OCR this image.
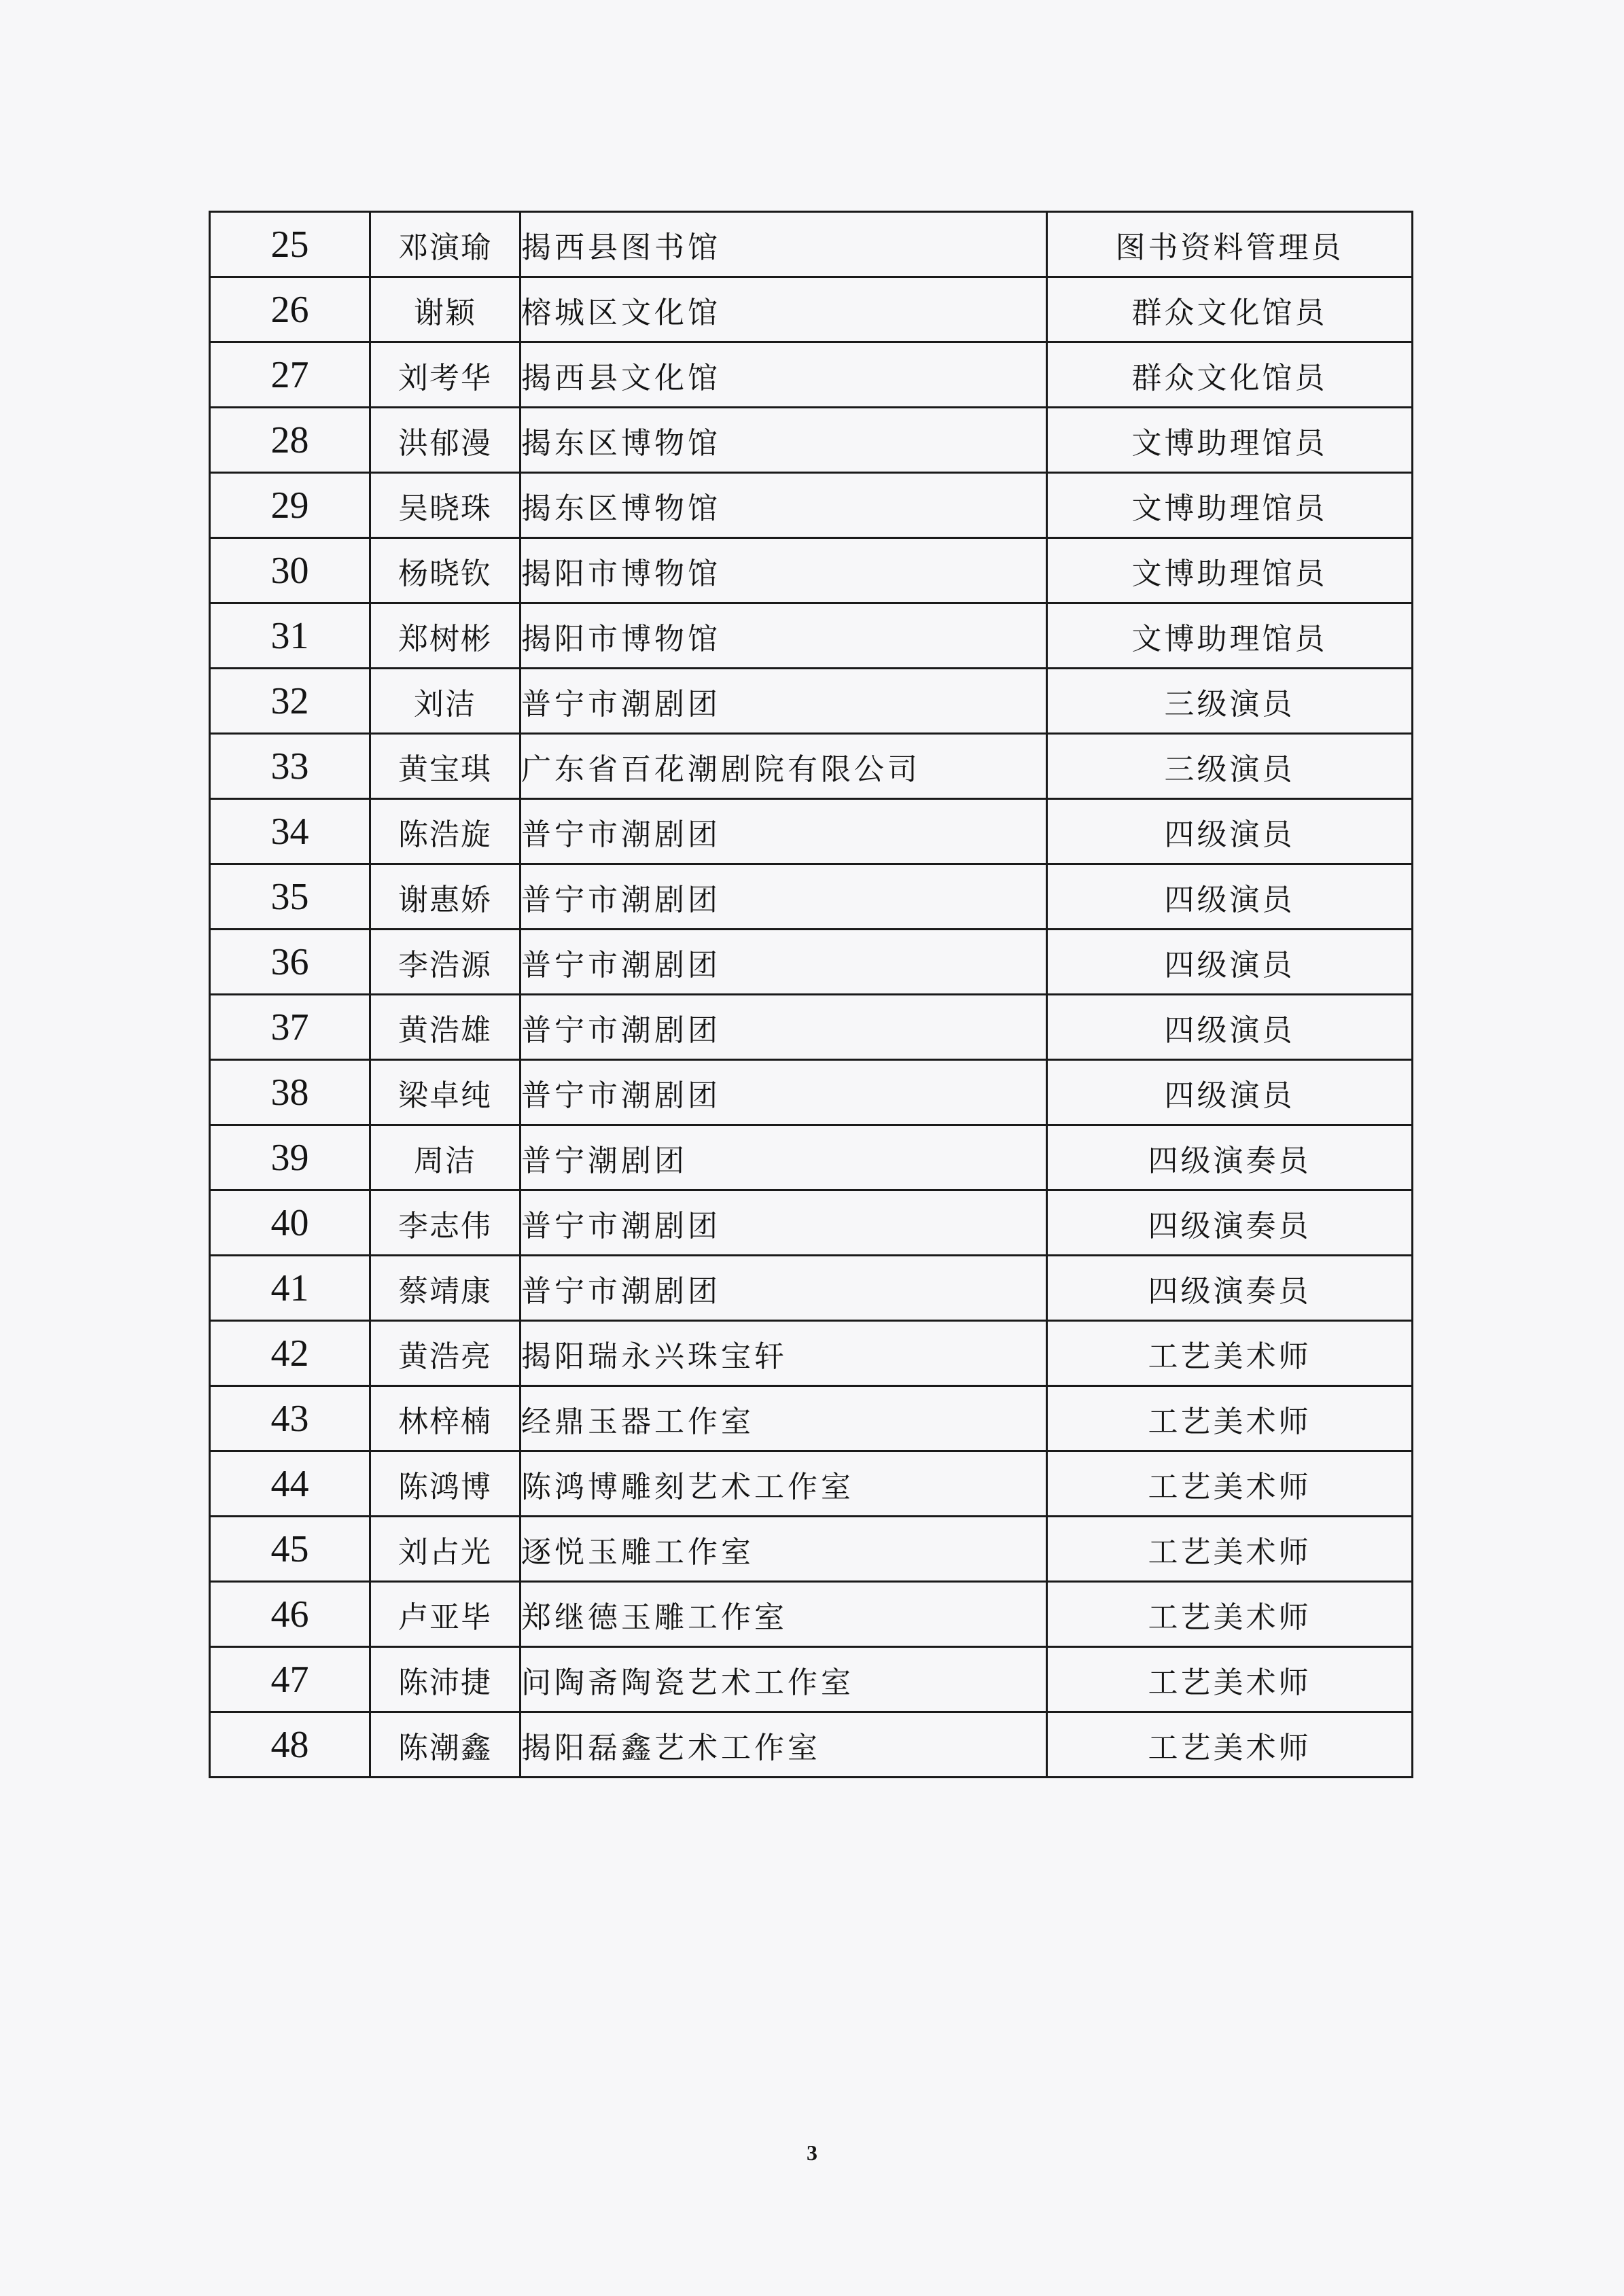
25	邓演瑜	揭西县图书馆	图书资料管理员
26	谢颖	榕城区文化馆	群众文化馆员
27	刘考华	揭西县文化馆	群众文化馆员
28	洪郁漫	揭东区博物馆	文博助理馆员
29	吴晓珠	揭东区博物馆	文博助理馆员
30	杨晓钦	揭阳市博物馆	文博助理馆员
31	郑树彬	揭阳市博物馆	文博助理馆员
32	刘洁	普宁市潮剧团	三级演员
33	黄宝琪	广东省百花潮剧院有限公司	三级演员
34	陈浩旋	普宁市潮剧团	四级演员
35	谢惠娇	普宁市潮剧团	四级演员
36	李浩源	普宁市潮剧团	四级演员
37	黄浩雄	普宁市潮剧团	四级演员
38	梁卓纯	普宁市潮剧团	四级演员
39	周洁	普宁潮剧团	四级演奏员
40	李志伟	普宁市潮剧团	四级演奏员
41	蔡靖康	普宁市潮剧团	四级演奏员
42	黄浩亮	揭阳瑞永兴珠宝轩	工艺美术师
43	林梓楠	经鼎玉器工作室	工艺美术师
44	陈鸿博	陈鸿博雕刻艺术工作室	工艺美术师
45	刘占光	逐悦玉雕工作室	工艺美术师
46	卢亚毕	郑继德玉雕工作室	工艺美术师
47	陈沛捷	问陶斋陶瓷艺术工作室	工艺美术师
48	陈潮鑫	揭阳磊鑫艺术工作室	工艺美术师
3
